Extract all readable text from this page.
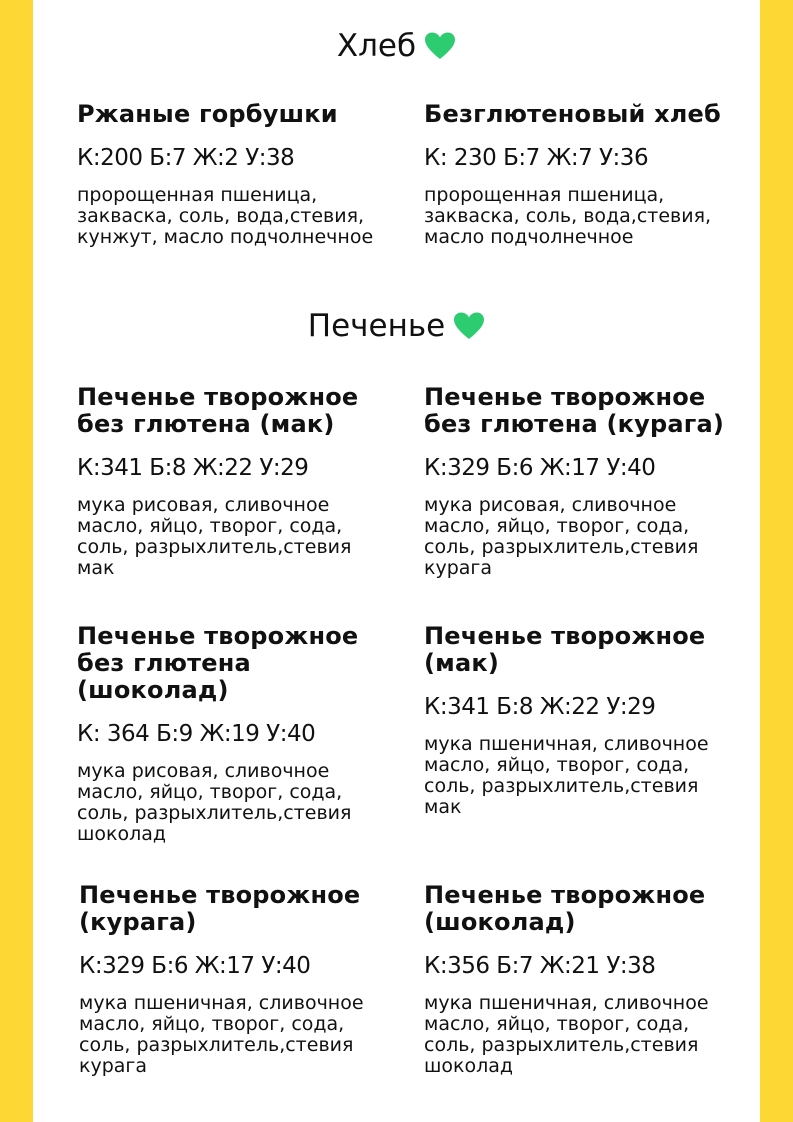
Хлеб
Ржаные горбушки
К:200 Б:7 Ж:2 У:38
пророщенная пшеница, закваска, соль, вода,стевия, кунжут, масло подчолнечное
Безглютеновый хлеб
К: 230 Б:7 Ж:7 У:36
пророщенная пшеница, закваска, соль, вода,стевия, масло подчолнечное
Печенье
Печенье творожное без глютена (мак)
К:341 Б:8 Ж:22 У:29
мука рисовая, сливочное масло, яйцо, творог, сода, соль, разрыхлитель,стевия мак
Печенье творожное без глютена (курага)
К:329 Б:6 Ж:17 У:40
мука рисовая, сливочное масло, яйцо, творог, сода, соль, разрыхлитель,стевия курага
Печенье творожное без глютена (шоколад)
К: 364 Б:9 Ж:19 У:40
мука рисовая, сливочное масло, яйцо, творог, сода, соль, разрыхлитель,стевия шоколад
Печенье творожное (мак)
К:341 Б:8 Ж:22 У:29
мука пшеничная, сливочное масло, яйцо, творог, сода, соль, разрыхлитель,стевия мак
Печенье творожное (курага)
К:329 Б:6 Ж:17 У:40
мука пшеничная, сливочное масло, яйцо, творог, сода, соль, разрыхлитель,стевия курага
Печенье творожное (шоколад)
К:356 Б:7 Ж:21 У:38
мука пшеничная, сливочное масло, яйцо, творог, сода, соль, разрыхлитель,стевия шоколад
